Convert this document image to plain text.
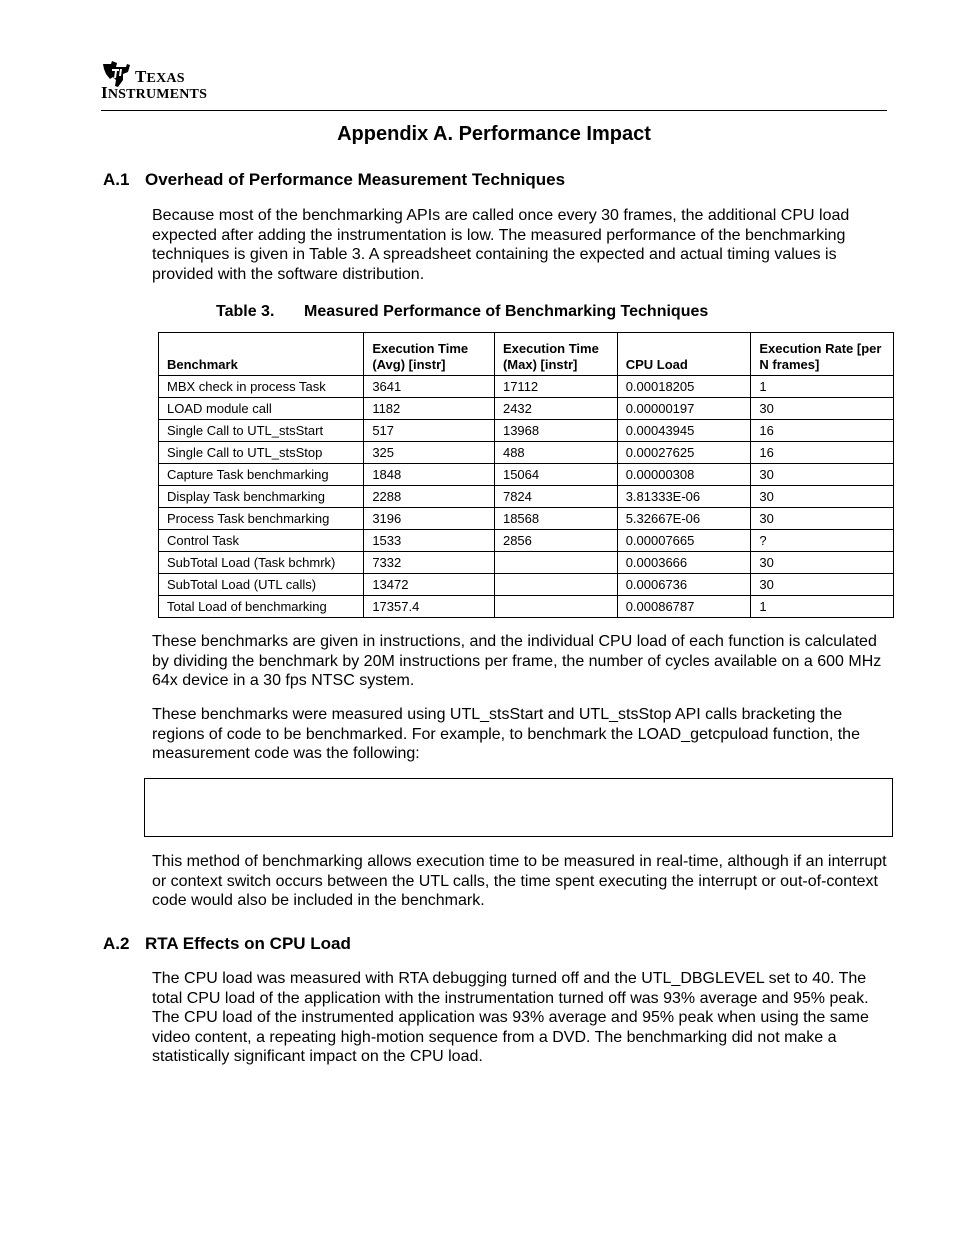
TEXAS
INSTRUMENTS
Appendix A. Performance Impact
A.1 Overhead of Performance Measurement Techniques
Because most of the benchmarking APIs are called once every 30 frames, the additional CPU load expected after adding the instrumentation is low. The measured performance of the benchmarking techniques is given in Table 3. A spreadsheet containing the expected and actual timing values is provided with the software distribution.
Table 3. Measured Performance of Benchmarking Techniques
Benchmark	Execution Time (Avg) [instr]	Execution Time (Max) [instr]	CPU Load	Execution Rate [per N frames]
MBX check in process Task	3641	17112	0.00018205	1
LOAD module call	1182	2432	0.00000197	30
Single Call to UTL_stsStart	517	13968	0.00043945	16
Single Call to UTL_stsStop	325	488	0.00027625	16
Capture Task benchmarking	1848	15064	0.00000308	30
Display Task benchmarking	2288	7824	3.81333E-06	30
Process Task benchmarking	3196	18568	5.32667E-06	30
Control Task	1533	2856	0.00007665	?
SubTotal Load (Task bchmrk)	7332		0.0003666	30
SubTotal Load (UTL calls)	13472		0.0006736	30
Total Load of benchmarking	17357.4		0.00086787	1
These benchmarks are given in instructions, and the individual CPU load of each function is calculated by dividing the benchmark by 20M instructions per frame, the number of cycles available on a 600 MHz 64x device in a 30 fps NTSC system.
These benchmarks were measured using UTL_stsStart and UTL_stsStop API calls bracketing the regions of code to be benchmarked. For example, to benchmark the LOAD_getcpuload function, the measurement code was the following:
This method of benchmarking allows execution time to be measured in real-time, although if an interrupt or context switch occurs between the UTL calls, the time spent executing the interrupt or out-of-context code would also be included in the benchmark.
A.2 RTA Effects on CPU Load
The CPU load was measured with RTA debugging turned off and the UTL_DBGLEVEL set to 40. The total CPU load of the application with the instrumentation turned off was 93% average and 95% peak. The CPU load of the instrumented application was 93% average and 95% peak when using the same video content, a repeating high-motion sequence from a DVD. The benchmarking did not make a statistically significant impact on the CPU load.
